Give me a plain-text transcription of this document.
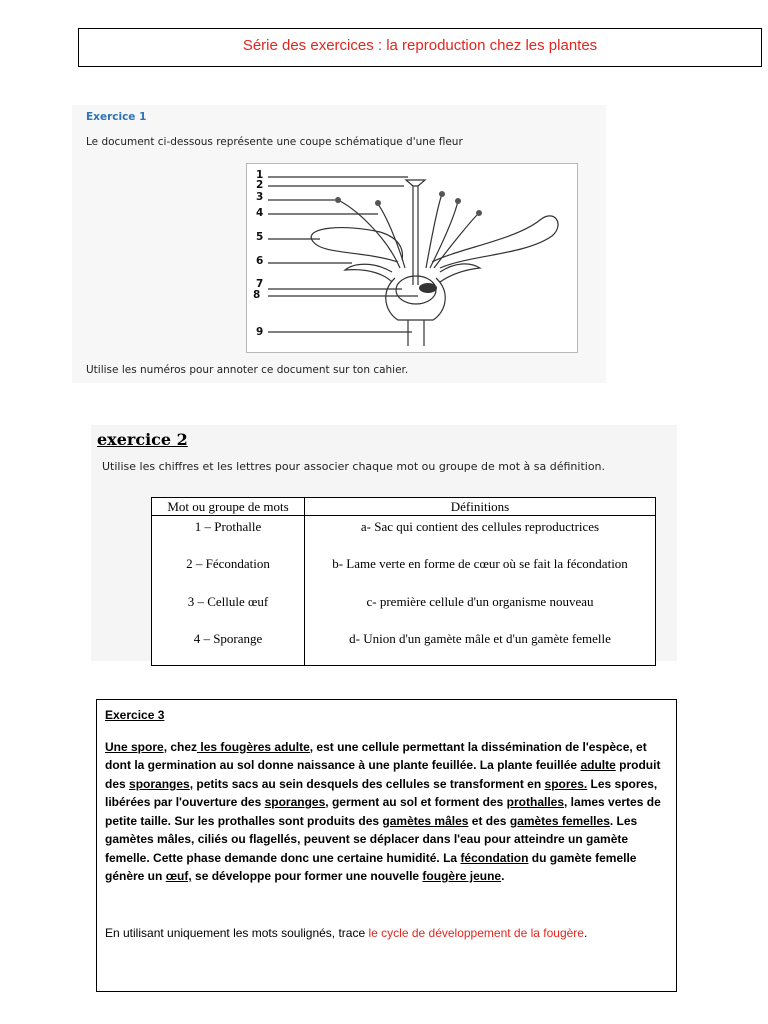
Série des exercices : la reproduction chez les plantes
Exercice 1
Le document ci-dessous représente une coupe schématique d'une fleur
1
2
3
4
5
6
7
8
9
Utilise les numéros pour annoter ce document sur ton cahier.
exercice 2
Utilise les chiffres et les lettres pour associer chaque mot ou groupe de mot à sa définition.
Mot ou groupe de mots	Définitions
1 – Prothalle	a- Sac qui contient des cellules reproductrices
2 – Fécondation	b- Lame verte en forme de cœur où se fait la fécondation
3 – Cellule œuf	c- première cellule d'un organisme nouveau
4 – Sporange	d- Union d'un gamète mâle et d'un gamète femelle
Exercice 3
Une spore, chez les fougères adulte, est une cellule permettant la dissémination de l'espèce, et dont la germination au sol donne naissance à une plante feuillée. La plante feuillée adulte produit des sporanges, petits sacs au sein desquels des cellules se transforment en spores. Les spores, libérées par l'ouverture des sporanges, germent au sol et forment des prothalles, lames vertes de petite taille. Sur les prothalles sont produits des gamètes mâles et des gamètes femelles. Les gamètes mâles, ciliés ou flagellés, peuvent se déplacer dans l'eau pour atteindre un gamète femelle. Cette phase demande donc une certaine humidité. La fécondation du gamète femelle génère un œuf, se développe pour former une nouvelle fougère jeune.
En utilisant uniquement les mots soulignés, trace le cycle de développement de la fougère.
